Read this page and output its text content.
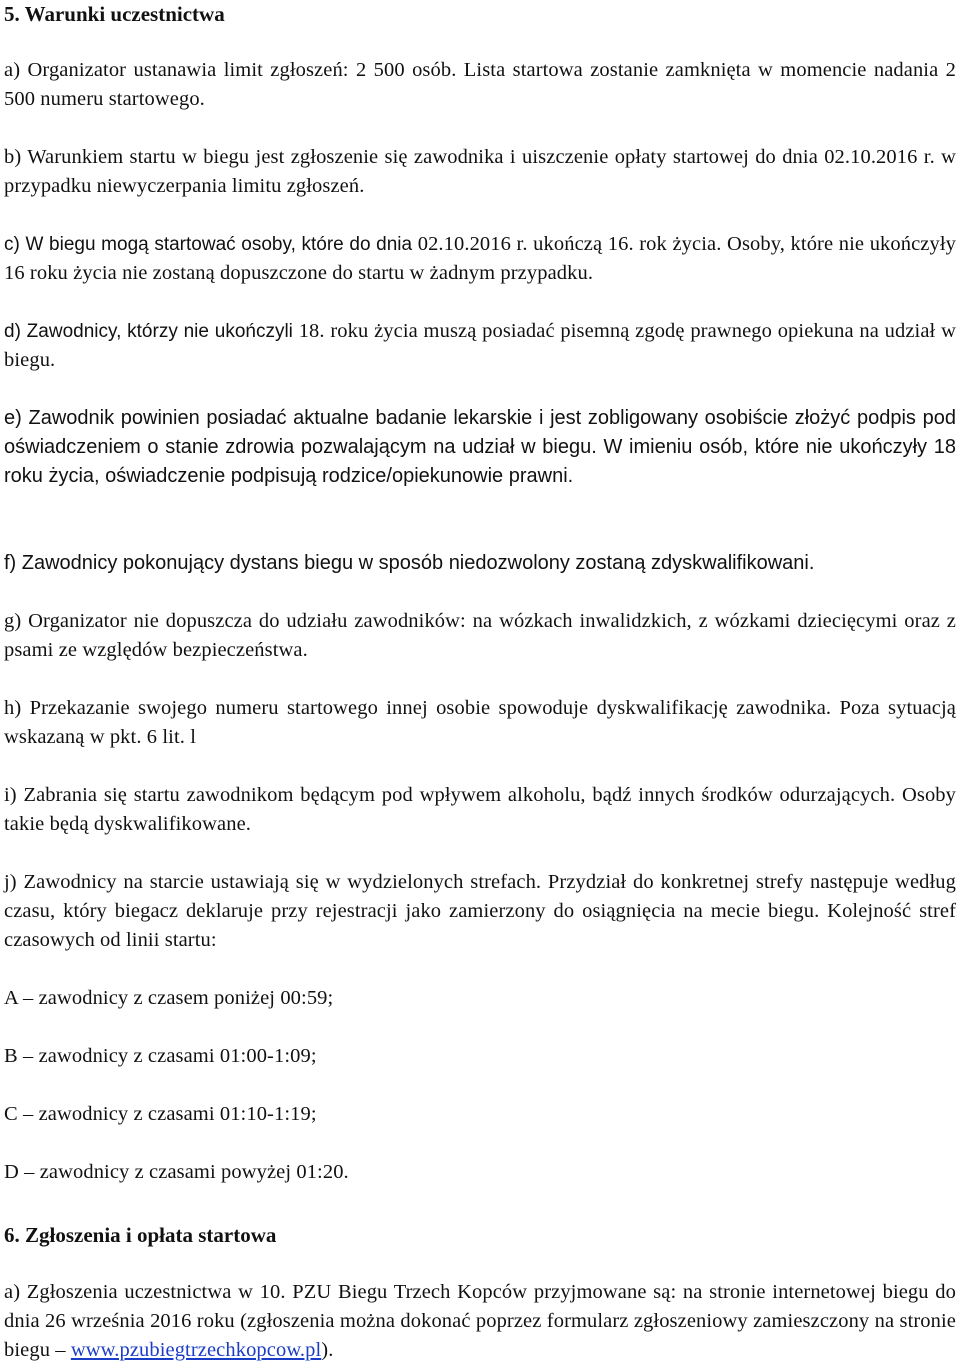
5. Warunki uczestnictwa

a) Organizator ustanawia limit zgłoszeń: 2 500 osób. Lista startowa zostanie zamknięta w momencie nadania 2 500 numeru startowego.

b) Warunkiem startu w biegu jest zgłoszenie się zawodnika i uiszczenie opłaty startowej do dnia 02.10.2016 r. w przypadku niewyczerpania limitu zgłoszeń.

c) W biegu mogą startować osoby, które do dnia 02.10.2016 r. ukończą 16. rok życia. Osoby, które nie ukończyły 16 roku życia nie zostaną dopuszczone do startu w żadnym przypadku.

d) Zawodnicy, którzy nie ukończyli 18. roku życia muszą posiadać pisemną zgodę prawnego opiekuna na udział w biegu.

e) Zawodnik powinien posiadać aktualne badanie lekarskie i jest zobligowany osobiście złożyć podpis pod oświadczeniem o stanie zdrowia pozwalającym na udział w biegu. W imieniu osób, które nie ukończyły 18 roku życia, oświadczenie podpisują rodzice/opiekunowie prawni.

f) Zawodnicy pokonujący dystans biegu w sposób niedozwolony zostaną zdyskwalifikowani.

g) Organizator nie dopuszcza do udziału zawodników: na wózkach inwalidzkich, z wózkami dziecięcymi oraz z psami ze względów bezpieczeństwa.

h) Przekazanie swojego numeru startowego innej osobie spowoduje dyskwalifikację zawodnika. Poza sytuacją wskazaną w pkt. 6 lit. l

i) Zabrania się startu zawodnikom będącym pod wpływem alkoholu, bądź innych środków odurzających. Osoby takie będą dyskwalifikowane.

j) Zawodnicy na starcie ustawiają się w wydzielonych strefach. Przydział do konkretnej strefy następuje według czasu, który biegacz deklaruje przy rejestracji jako zamierzony do osiągnięcia na mecie biegu. Kolejność stref czasowych od linii startu:

A – zawodnicy z czasem poniżej 00:59;

B – zawodnicy z czasami 01:00-1:09;

C – zawodnicy z czasami 01:10-1:19;

D – zawodnicy z czasami powyżej 01:20.

6. Zgłoszenia i opłata startowa

a) Zgłoszenia uczestnictwa w 10. PZU Biegu Trzech Kopców przyjmowane są: na stronie internetowej biegu do dnia 26 września 2016 roku (zgłoszenia można dokonać poprzez formularz zgłoszeniowy zamieszczony na stronie biegu – www.pzubiegtrzechkopcow.pl).
